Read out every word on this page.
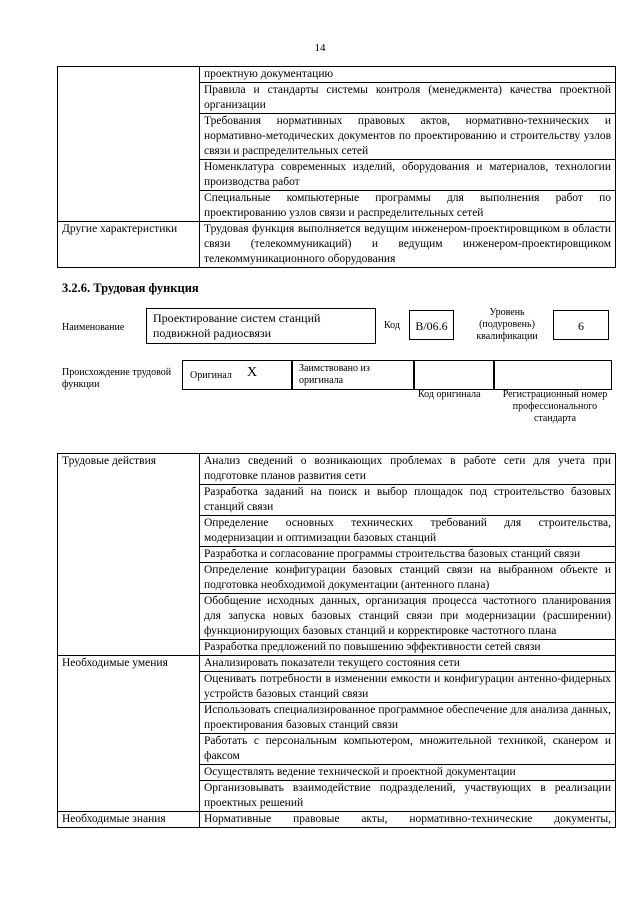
14
	проектную документацию
	Правила и стандарты системы контроля (менеджмента) качества проектной организации
	Требования нормативных правовых актов, нормативно-технических и нормативно-методических документов по проектированию и строительству узлов связи и распределительных сетей
	Номенклатура современных изделий, оборудования и материалов, технологии производства работ
	Специальные компьютерные программы для выполнения работ по проектированию узлов связи и распределительных сетей
Другие характеристики	Трудовая функция выполняется ведущим инженером-проектировщиком в области связи (телекоммуникаций) и ведущим инженером-проектировщиком телекоммуникационного оборудования
3.2.6. Трудовая функция
Наименование
Проектирование систем станций подвижной радиосвязи
Код	B/06.6
Уровень (подуровень) квалификации
6
Происхождение трудовой функции
Оригинал X	Заимствовано из оригинала
Код оригинала Регистрационный номер профессионального стандарта
Трудовые действия	Анализ сведений о возникающих проблемах в работе сети для учета при подготовке планов развития сети
	Разработка заданий на поиск и выбор площадок под строительство базовых станций связи
	Определение основных технических требований для строительства, модернизации и оптимизации базовых станций
	Разработка и согласование программы строительства базовых станций связи
	Определение конфигурации базовых станций связи на выбранном объекте и подготовка необходимой документации (антенного плана)
	Обобщение исходных данных, организация процесса частотного планирования для запуска новых базовых станций связи при модернизации (расширении) функционирующих базовых станций и корректировке частотного плана
	Разработка предложений по повышению эффективности сетей связи
Необходимые умения	Анализировать показатели текущего состояния сети
	Оценивать потребности в изменении емкости и конфигурации антенно-фидерных устройств базовых станций связи
	Использовать специализированное программное обеспечение для анализа данных, проектирования базовых станций связи
	Работать с персональным компьютером, множительной техникой, сканером и факсом
	Осуществлять ведение технической и проектной документации
	Организовывать взаимодействие подразделений, участвующих в реализации проектных решений
Необходимые знания	Нормативные правовые акты, нормативно-технические документы,
